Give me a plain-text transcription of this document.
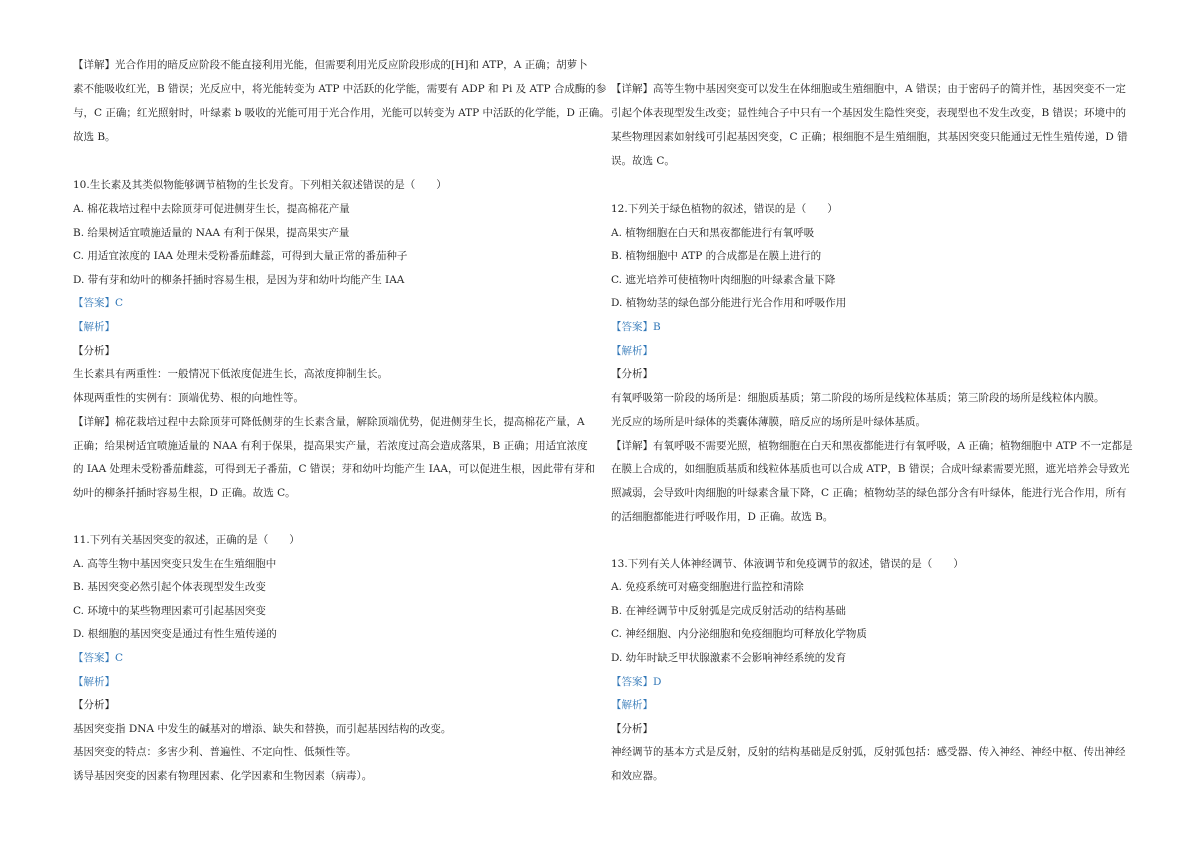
【详解】光合作用的暗反应阶段不能直接利用光能，但需要利用光反应阶段形成的[H]和 ATP，A 正确；胡萝卜
素不能吸收红光，B 错误；光反应中，将光能转变为 ATP 中活跃的化学能，需要有 ADP 和 Pi 及 ATP 合成酶的参
与，C 正确；红光照射时，叶绿素 b 吸收的光能可用于光合作用，光能可以转变为 ATP 中活跃的化学能，D 正确。
故选 B。
10.生长素及其类似物能够调节植物的生长发育。下列相关叙述错误的是（　　）
A. 棉花栽培过程中去除顶芽可促进侧芽生长，提高棉花产量
B. 给果树适宜喷施适量的 NAA 有利于保果，提高果实产量
C. 用适宜浓度的 IAA 处理未受粉番茄雌蕊，可得到大量正常的番茄种子
D. 带有芽和幼叶的柳条扦插时容易生根，是因为芽和幼叶均能产生 IAA
【答案】C
【解析】
【分析】
生长素具有两重性：一般情况下低浓度促进生长，高浓度抑制生长。
体现两重性的实例有：顶端优势、根的向地性等。
【详解】棉花栽培过程中去除顶芽可降低侧芽的生长素含量，解除顶端优势，促进侧芽生长，提高棉花产量，A
正确；给果树适宜喷施适量的 NAA 有利于保果，提高果实产量，若浓度过高会造成落果，B 正确；用适宜浓度
的 IAA 处理未受粉番茄雌蕊，可得到无子番茄，C 错误；芽和幼叶均能产生 IAA，可以促进生根，因此带有芽和
幼叶的柳条扦插时容易生根，D 正确。故选 C。
11.下列有关基因突变的叙述，正确的是（　　）
A. 高等生物中基因突变只发生在生殖细胞中
B. 基因突变必然引起个体表现型发生改变
C. 环境中的某些物理因素可引起基因突变
D. 根细胞的基因突变是通过有性生殖传递的
【答案】C
【解析】
【分析】
基因突变指 DNA 中发生的碱基对的增添、缺失和替换，而引起基因结构的改变。
基因突变的特点：多害少利、普遍性、不定向性、低频性等。
诱导基因突变的因素有物理因素、化学因素和生物因素（病毒）。
【详解】高等生物中基因突变可以发生在体细胞或生殖细胞中，A 错误；由于密码子的简并性，基因突变不一定
引起个体表现型发生改变；显性纯合子中只有一个基因发生隐性突变，表现型也不发生改变，B 错误；环境中的
某些物理因素如射线可引起基因突变，C 正确；根细胞不是生殖细胞，其基因突变只能通过无性生殖传递，D 错
误。故选 C。
12.下列关于绿色植物的叙述，错误的是（　　）
A. 植物细胞在白天和黑夜都能进行有氧呼吸
B. 植物细胞中 ATP 的合成都是在膜上进行的
C. 遮光培养可使植物叶肉细胞的叶绿素含量下降
D. 植物幼茎的绿色部分能进行光合作用和呼吸作用
【答案】B
【解析】
【分析】
有氧呼吸第一阶段的场所是：细胞质基质；第二阶段的场所是线粒体基质；第三阶段的场所是线粒体内膜。
光反应的场所是叶绿体的类囊体薄膜，暗反应的场所是叶绿体基质。
【详解】有氧呼吸不需要光照，植物细胞在白天和黑夜都能进行有氧呼吸，A 正确；植物细胞中 ATP 不一定都是
在膜上合成的，如细胞质基质和线粒体基质也可以合成 ATP，B 错误；合成叶绿素需要光照，遮光培养会导致光
照减弱，会导致叶肉细胞的叶绿素含量下降，C 正确；植物幼茎的绿色部分含有叶绿体，能进行光合作用，所有
的活细胞都能进行呼吸作用，D 正确。故选 B。
13.下列有关人体神经调节、体液调节和免疫调节的叙述，错误的是（　　）
A. 免疫系统可对癌变细胞进行监控和清除
B. 在神经调节中反射弧是完成反射活动的结构基础
C. 神经细胞、内分泌细胞和免疫细胞均可释放化学物质
D. 幼年时缺乏甲状腺激素不会影响神经系统的发育
【答案】D
【解析】
【分析】
神经调节的基本方式是反射，反射的结构基础是反射弧，反射弧包括：感受器、传入神经、神经中枢、传出神经
和效应器。
